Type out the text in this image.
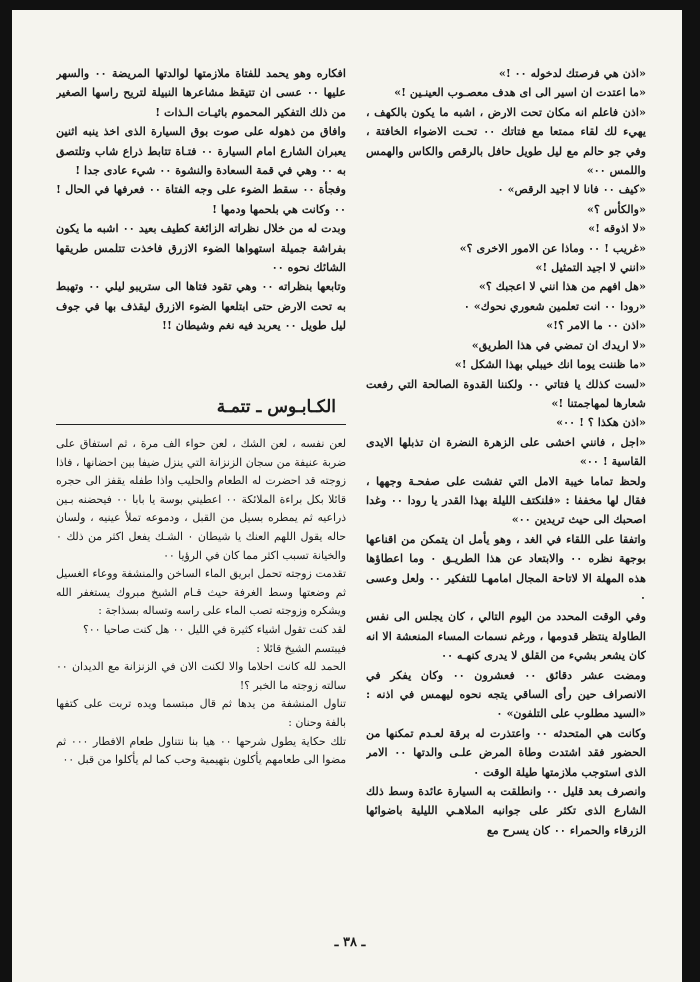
«اذن هي فرصتك لدخوله ٠٠ !»

«ما اعتدت ان اسير الى اى هدف معصـوب العينـين !»

«اذن فاعلم انه مكان تحت الارض ، اشبه ما يكون بالكهف ، يهيء لك لقاء ممتعا مع فتاتك ٠٠ تحـت الاضواء الخافتة ، وفي جو حالم مع ليل طويل حافل بالرقص والكاس والهمس واللمس ٠٠»

«كيف ٠٠ فانا لا اجيد الرقص» ٠

«والكأس ؟»

«لا اذوقه !»

«غريب ! ٠٠ وماذا عن الامور الاخرى ؟»

«انني لا اجيد التمثيل !»

«هل افهم من هذا انني لا اعجبك ؟»

«رودا ٠٠ انت تعلمين شعوري نحوك» ٠

«اذن ٠٠ ما الامر ؟!»

«لا اريدك ان تمضي في هذا الطريق»

«ما ظننت يوما انك خيبلي بهذا الشكل !»

«لست كذلك يا فتاتي ٠٠ ولكننا القدوة الصالحة التي رفعت شعارها لمهاجمتنا !»

«اذن هكذا ؟ ! ٠٠»

«اجل ، فانني اخشى على الزهرة النضرة ان تذبلها الايدى القاسية ! ٠٠»

ولحظ تماما خيبة الامل التي تفشت على صفحـة وجهها ، فقال لها مخففا : «فلنكتف الليلة بهذا القدر يا رودا ٠٠ وغدا اصحبك الى حيث تريدين ٠٠»

واتفقا على اللقاء في الغد ، وهو يأمل ان يتمكن من اقناعها بوجهة نظره ٠٠ والابتعاد عن هذا الطريـق ٠ وما اعطاؤها هذه المهلة الا لاتاحة المجال امامهـا للتفكير ٠٠ ولعل وعسى ٠

وفي الوقت المحدد من اليوم التالي ، كان يجلس الى نفس الطاولة ينتظر قدومها ، ورغم نسمات المساء المنعشة الا انه كان يشعر بشيء من القلق لا يدرى كنهـه ٠٠

ومضت عشر دقائق ٠٠ فعشرون ٠٠ وكان يفكر في الانصراف حين رأى الساقي يتجه نحوه ليهمس في اذنه : «السيد مطلوب على التلفون» ٠

وكانت هي المتحدثه ٠٠ واعتذرت له برقة لعـدم تمكنها من الحضور فقد اشتدت وطاة المرض علـى والدتها ٠٠ الامر الذى استوجب ملازمتها طيلة الوقت ٠

وانصرف بعد قليل ٠٠ وانطلقت به السيارة عائدة وسط ذلك الشارع الذى تكثر على جوانبه الملاهـي الليلية باضوائها الزرقاء والحمراء ٠٠ كان يسرح مع

افكاره وهو يحمد للفتاة ملازمتها لوالدتها المريضة ٠٠ والسهر عليها ٠٠ عسى ان تتيقظ مشاعرها النبيلة لتريح راسها الصغير من ذلك التفكير المحموم باثيـات الـذات !

وافاق من ذهوله على صوت بوق السيارة الذى اخذ ينبه اثنين يعبران الشارع امام السيارة ٠٠ فتـاة تتابط ذراع شاب وتلتصق به ٠٠ وهي في قمة السعادة والنشوة ٠٠ شيء عادى جدا !

وفجأة ٠٠ سقط الضوء على وجه الفتاة ٠٠ فعرفها في الحال ! ٠٠ وكانت هي بلحمها ودمها !

وبدت له من خلال نظراته الزائغة كطيف بعيد ٠٠ اشبه ما يكون بفراشة جميلة استهواها الضوء الازرق فاخذت تتلمس طريقها الشائك نحوه ٠٠

وتابعها بنظراته ٠٠ وهي تقود فتاها الى ستريبو ليلي ٠٠ وتهبط به تحت الارض حتى ابتلعها الضوء الازرق ليقذف بها في جوف ليل طويل ٠٠ يعربد فيه نغم وشيطان !!

الكـابـوس ـ تتمـة

لعن نفسه ، لعن الشك ، لعن حواء الف مرة ، ثم استفاق على ضربة عنيفة من سجان الزنزانة التي ينزل ضيفا بين احضانها ، فاذا زوجته قد احضرت له الطعام والحليب واذا طفله يقفز الى حجره قائلا بكل براءة الملائكة ٠٠ اعطيني بوسة يا بابا ٠٠ فيحضنه بـين ذراعيه ثم يمطره بسيل من القبل ، ودموعه تملأ عينيه ، ولسان حاله يقول اللهم العنك يا شيطان ٠ الشـك يفعل اكثر من ذلك ٠ والخيانة تسبب اكثر مما كان في الرؤيا ٠٠

تقدمت زوجته تحمل ابريق الماء الساخن والمنشفة ووعاء الغسيل ثم وضعتها وسط الغرفة حيث قـام الشيخ مبروك يستغفر الله ويشكره وزوجته تصب الماء على راسه وتساله بسذاجة :

لقد كنت تقول اشياء كثيرة في الليل ٠٠ هل كنت صاحيا ٠٠؟

فيبتسم الشيخ قائلا :

الحمد لله كانت احلاما والا لكنت الان في الزنزانة مع الديدان ٠٠ سالته زوجته ما الخبر ؟!

تناول المنشفة من يدها ثم قال مبتسما ويده تربت على كتفها بالفة وحنان :

تلك حكاية يطول شرحها ٠٠ هيا بنا نتناول طعام الافطار ٠٠٠ ثم مضوا الى طعامهم يأكلون بتهيمية وحب كما لم يأكلوا من قبل ٠٠

ـ ٣٨ ـ
